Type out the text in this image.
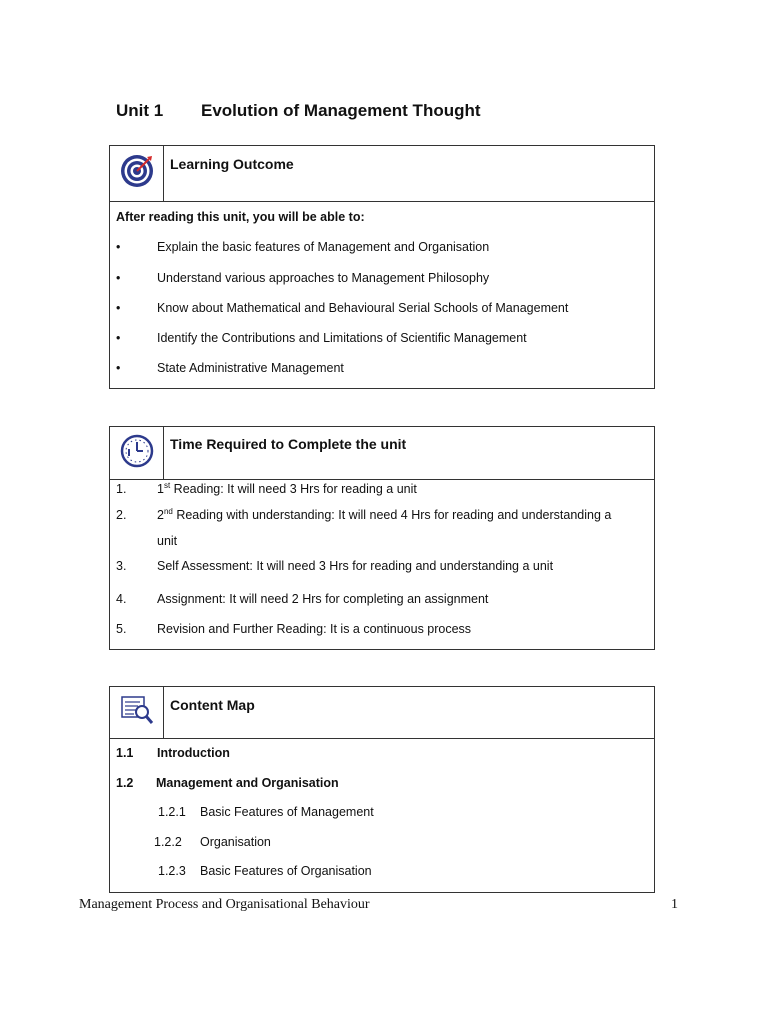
Unit 1 Evolution of Management Thought
Learning Outcome
After reading this unit, you will be able to:
•	Explain the basic features of Management and Organisation
•	Understand various approaches to Management Philosophy
•	Know about Mathematical and Behavioural Serial Schools of Management
•	Identify the Contributions and Limitations of Scientific Management
•	State Administrative Management
Time Required to Complete the unit
1. 1st Reading: It will need 3 Hrs for reading a unit
2. 2nd Reading with understanding: It will need 4 Hrs for reading and understanding a
unit
3. Self Assessment: It will need 3 Hrs for reading and understanding a unit
4. Assignment: It will need 2 Hrs for completing an assignment
5. Revision and Further Reading: It is a continuous process
Content Map
1.1 Introduction
1.2 Management and Organisation
1.2.1 Basic Features of Management
1.2.2 Organisation
1.2.3 Basic Features of Organisation
Management Process and Organisational Behaviour	1
